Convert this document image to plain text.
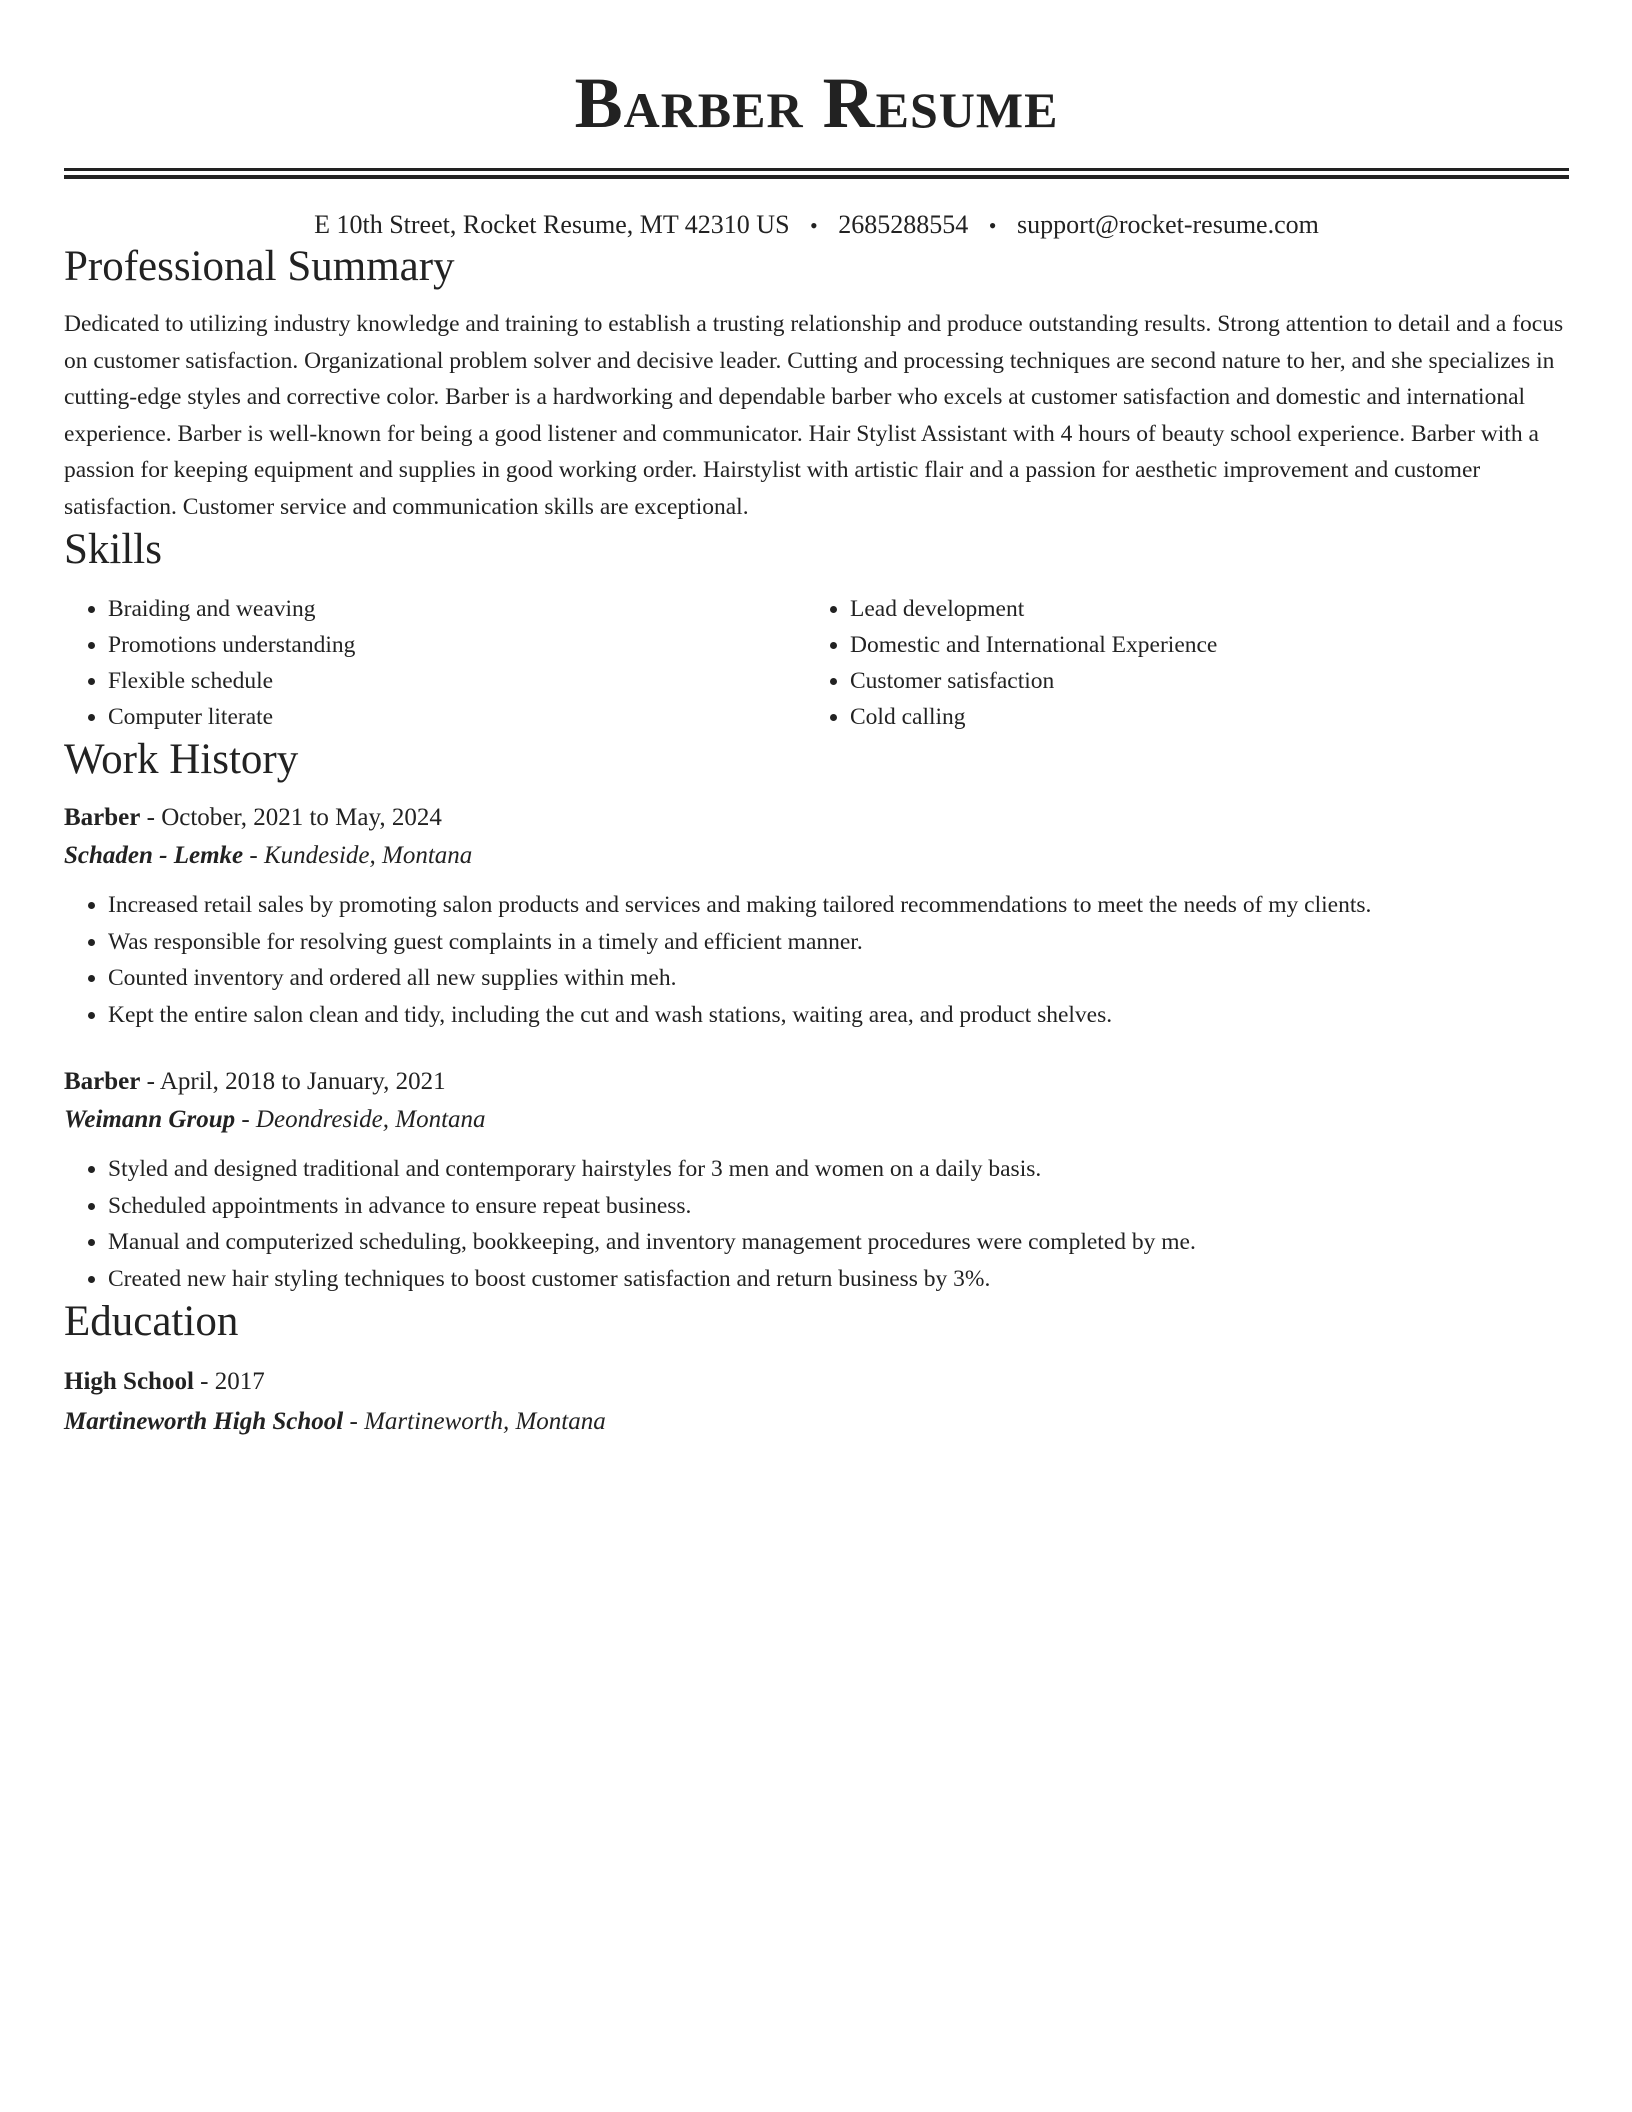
Barber Resume
E 10th Street, Rocket Resume, MT 42310 US • 2685288554 • support@rocket-resume.com
Professional Summary
Dedicated to utilizing industry knowledge and training to establish a trusting relationship and produce outstanding results. Strong attention to detail and a focus on customer satisfaction. Organizational problem solver and decisive leader. Cutting and processing techniques are second nature to her, and she specializes in cutting-edge styles and corrective color. Barber is a hardworking and dependable barber who excels at customer satisfaction and domestic and international experience. Barber is well-known for being a good listener and communicator. Hair Stylist Assistant with 4 hours of beauty school experience. Barber with a passion for keeping equipment and supplies in good working order. Hairstylist with artistic flair and a passion for aesthetic improvement and customer satisfaction. Customer service and communication skills are exceptional.
Skills
• Braiding and weaving
• Promotions understanding
• Flexible schedule
• Computer literate
• Lead development
• Domestic and International Experience
• Customer satisfaction
• Cold calling
Work History
Barber - October, 2021 to May, 2024
Schaden - Lemke - Kundeside, Montana
• Increased retail sales by promoting salon products and services and making tailored recommendations to meet the needs of my clients.
• Was responsible for resolving guest complaints in a timely and efficient manner.
• Counted inventory and ordered all new supplies within meh.
• Kept the entire salon clean and tidy, including the cut and wash stations, waiting area, and product shelves.
Barber - April, 2018 to January, 2021
Weimann Group - Deondreside, Montana
• Styled and designed traditional and contemporary hairstyles for 3 men and women on a daily basis.
• Scheduled appointments in advance to ensure repeat business.
• Manual and computerized scheduling, bookkeeping, and inventory management procedures were completed by me.
• Created new hair styling techniques to boost customer satisfaction and return business by 3%.
Education
High School - 2017
Martineworth High School - Martineworth, Montana
